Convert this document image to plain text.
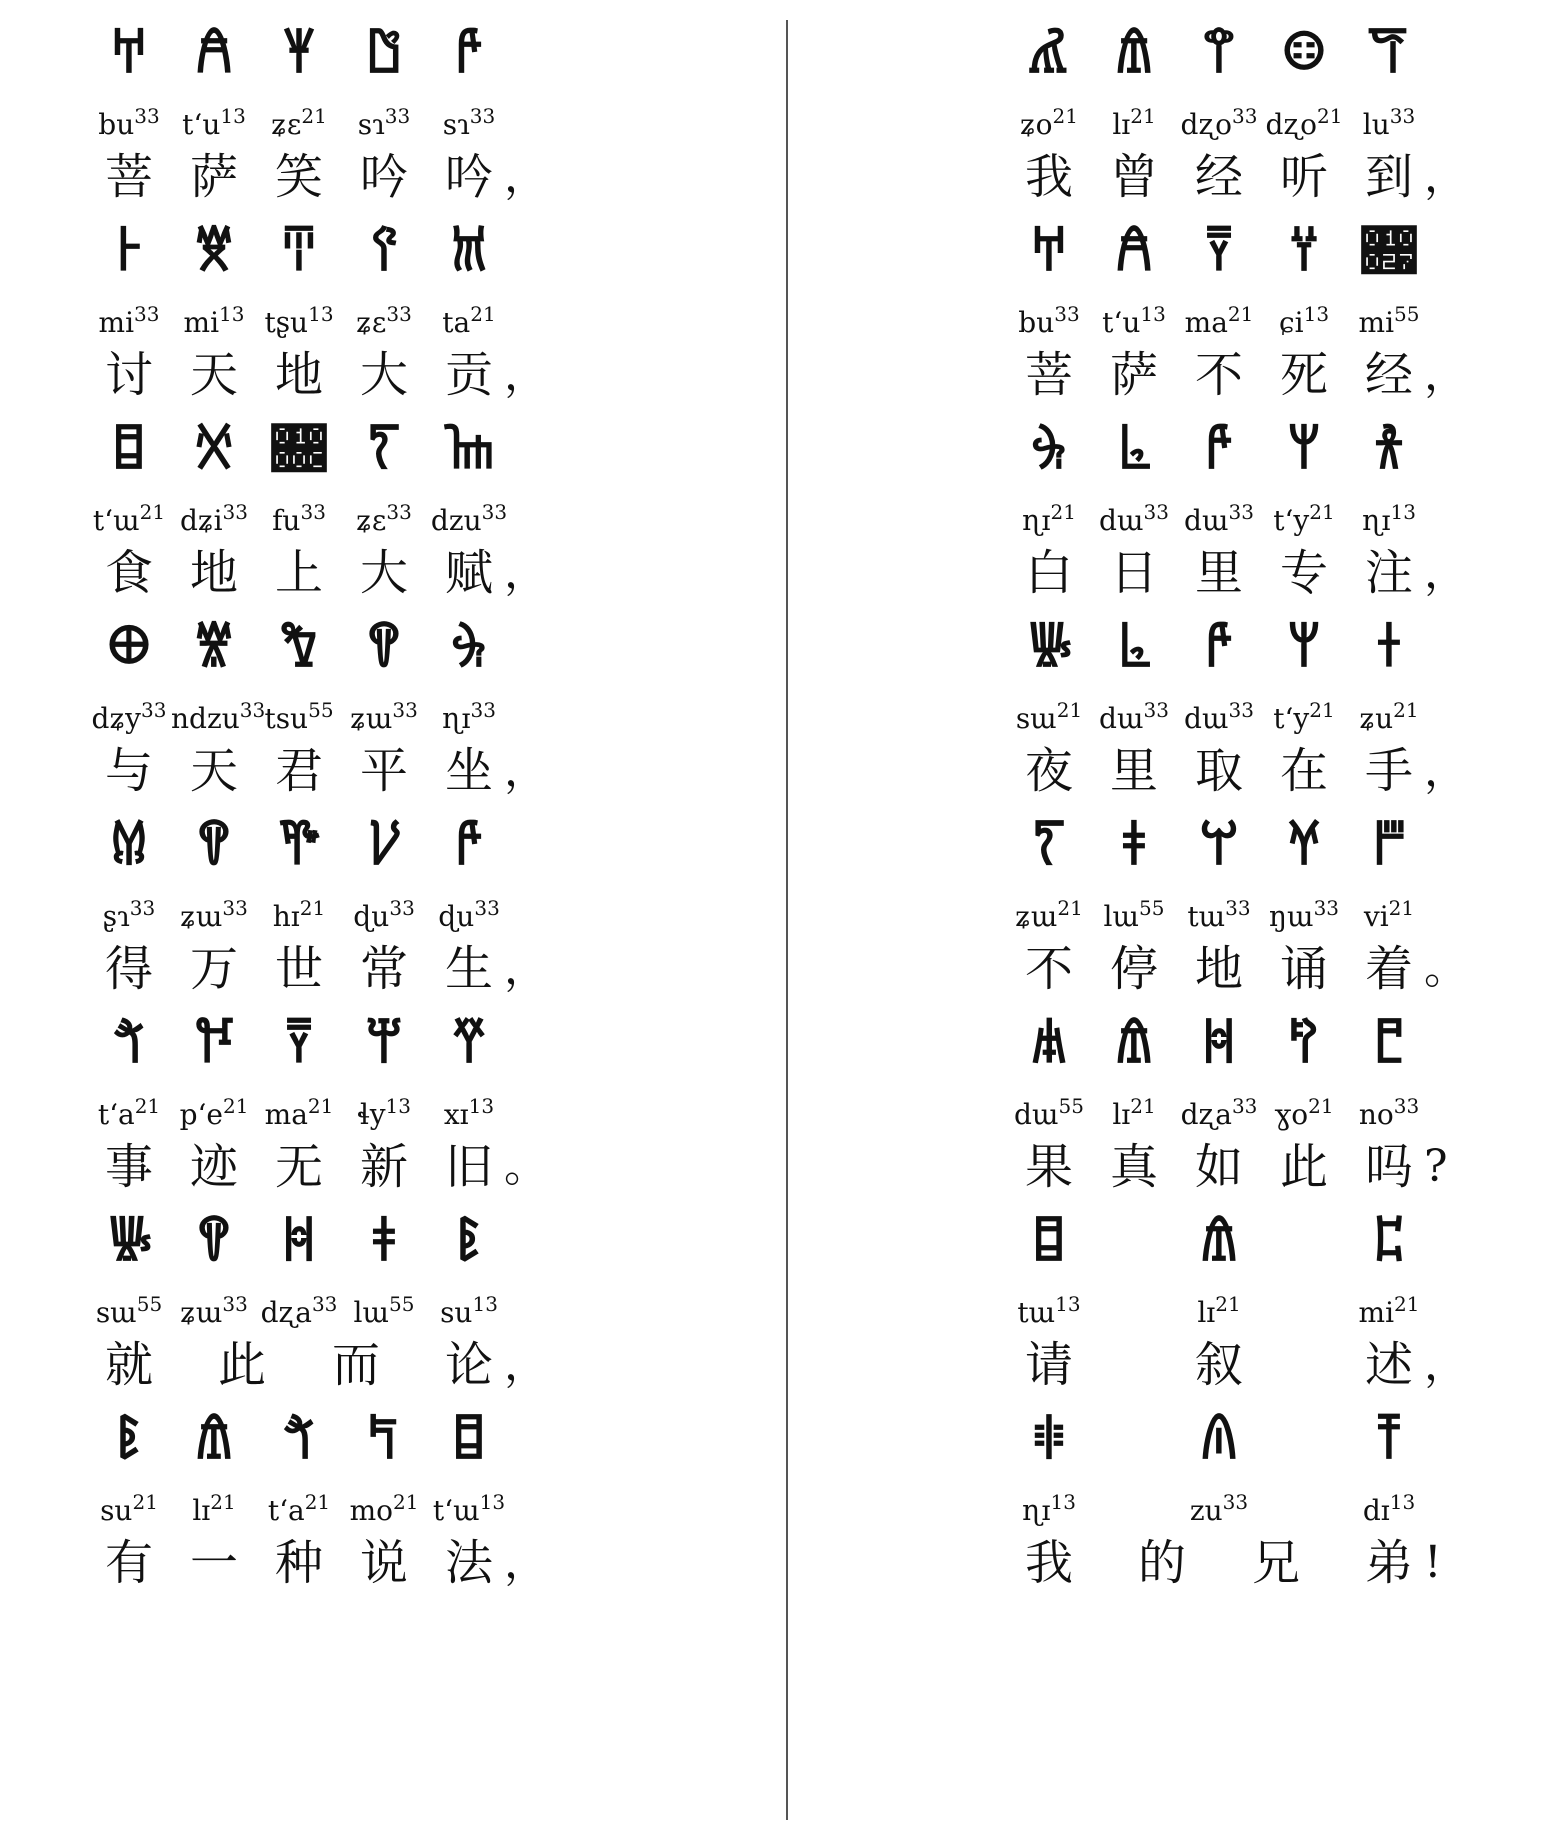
𐀀 𐀁 𐀂 𐀃 𐀄
$bu^{33}$ tʻu$^{13}$ ʑɛ$^{21}$	sɿ$^{33}$	sɿ$^{33}$
菩 萨 笑 吟 吟 ，
𐀅 𐀆 𐀇 𐀈 𐀉
$mi^{33}$ $mi^{13}$ tʂu$^{13}$ ʑɛ$^{33}$	$ta^{21}$
讨 天 地 大 贡 ，
𐀊 𐀋 𐀌 𐀍 𐀎
tʻɯ$^{21}$ dʑi$^{33}$ $fu^{33}$	ʑɛ$^{33}$ dzu$^{33}$
食 地 上 大 赋 ，
𐀏 𐀐 𐀑 𐀒 𐀓
dʑy$^{33}$ ndzu$^{33}$ tsu$^{55}$ ʑɯ$^{33}$ ɳɪ$^{33}$
与 天 君 平 坐 ，
𐀔 𐀒 𐀕 𐀖 𐀄
ʂɿ$^{33}$ ʑɯ$^{33}$ hɪ$^{21}$ ɖu$^{33}$ ɖu$^{33}$
得 万 世 常 生 ，
𐀗 𐀘 𐀙 𐀚 𐀛
tʻa$^{21}$ pʻe$^{21}$ $ma^{21}$ ɬy$^{13}$	xɪ$^{13}$
事 迹 无 新 旧 。
𐀜 𐀒 𐀝 𐀞	𐀟
sɯ$^{55}$ ʑɯ$^{33}$ dʐa$^{33}$ lɯ$^{55}$ $su^{13}$
就	此	而	论 ，
𐀟 𐀠 𐀗 𐀡 𐀊
$su^{21}$	lɪ$^{21}$	tʻa$^{21}$ $mo^{21}$ tʻɯ$^{13}$
有 一 种 说 法 ，
𐀢 𐀠 𐀣 𐀤 𐀥
ʑo$^{21}$	lɪ$^{21}$ dʐo$^{33}$ dʐo$^{21}$ $lu^{33}$
我 曾 经 听 到 ，
𐀀 𐀁 𐀙 𐀦 𐀧
$bu^{33}$ tʻu$^{13}$ $ma^{21}$ ɕi$^{13}$	$mi^{55}$
菩 萨 不 死 经 ，
𐀓 𐀨 𐀄	𐀩 𐀪
ɳɪ$^{21}$ dɯ$^{33}$ dɯ$^{33}$ tʻy$^{21}$ ɳɪ$^{13}$
白 日 里 专 注 ，
𐀜 𐀨 𐀄	𐀩	𐀫
sɯ$^{21}$ dɯ$^{33}$ dɯ$^{33}$ tʻy$^{21}$ ʑu$^{21}$
夜 里 取 在 手 ，
𐀍	𐀞 𐀬 𐀭 𐀮
ʑɯ$^{21}$ lɯ$^{55}$ tɯ$^{33}$ ŋɯ$^{33}$ $vi^{21}$
不 停 地 诵 着 。
𐀯 𐀠 𐀝 𐀰 𐀱
dɯ$^{55}$	lɪ$^{21}$ dʐa$^{33}$ ɣo$^{21}$ $no^{33}$
果 真 如 此 吗 ?
𐀊	𐀠	𐀲
tɯ$^{13}$	lɪ$^{21}$	$mi^{21}$
请	叙	述 ，
𐀳	𐀴	𐀵
ɳɪ$^{13}$	$zu^{33}$	dɪ$^{13}$
我	的	兄	弟 !
